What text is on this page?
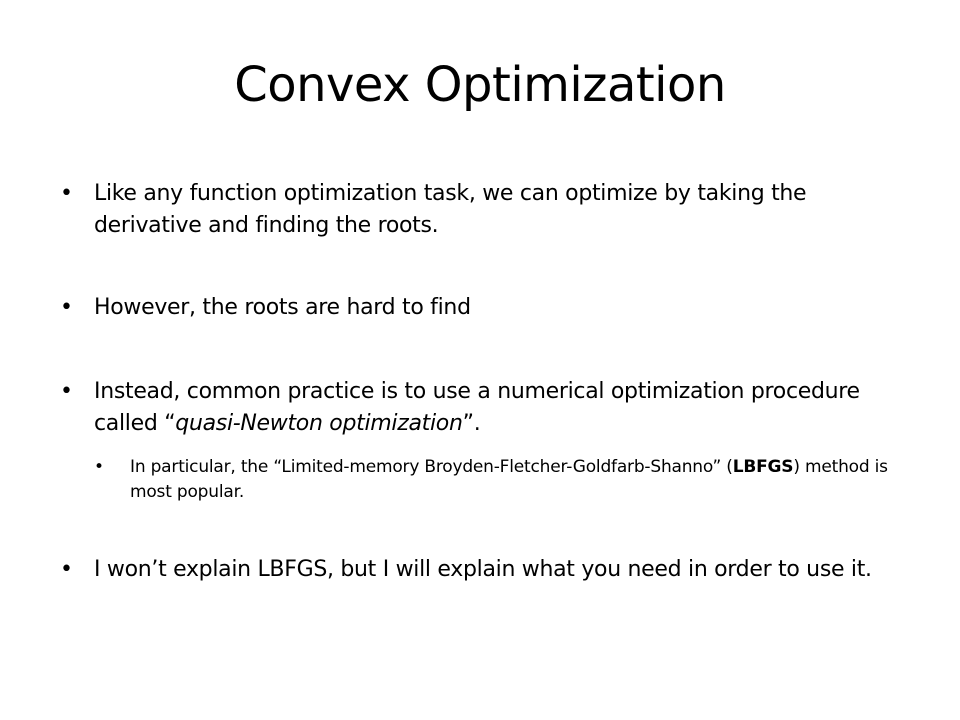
Convex Optimization
• Like any function optimization task, we can optimize by taking the derivative and finding the roots.
• However, the roots are hard to find
• Instead, common practice is to use a numerical optimization procedure called “quasi-Newton optimization”.
• In particular, the “Limited-memory Broyden-Fletcher-Goldfarb-Shanno” (LBFGS) method is most popular.
• I won’t explain LBFGS, but I will explain what you need in order to use it.
